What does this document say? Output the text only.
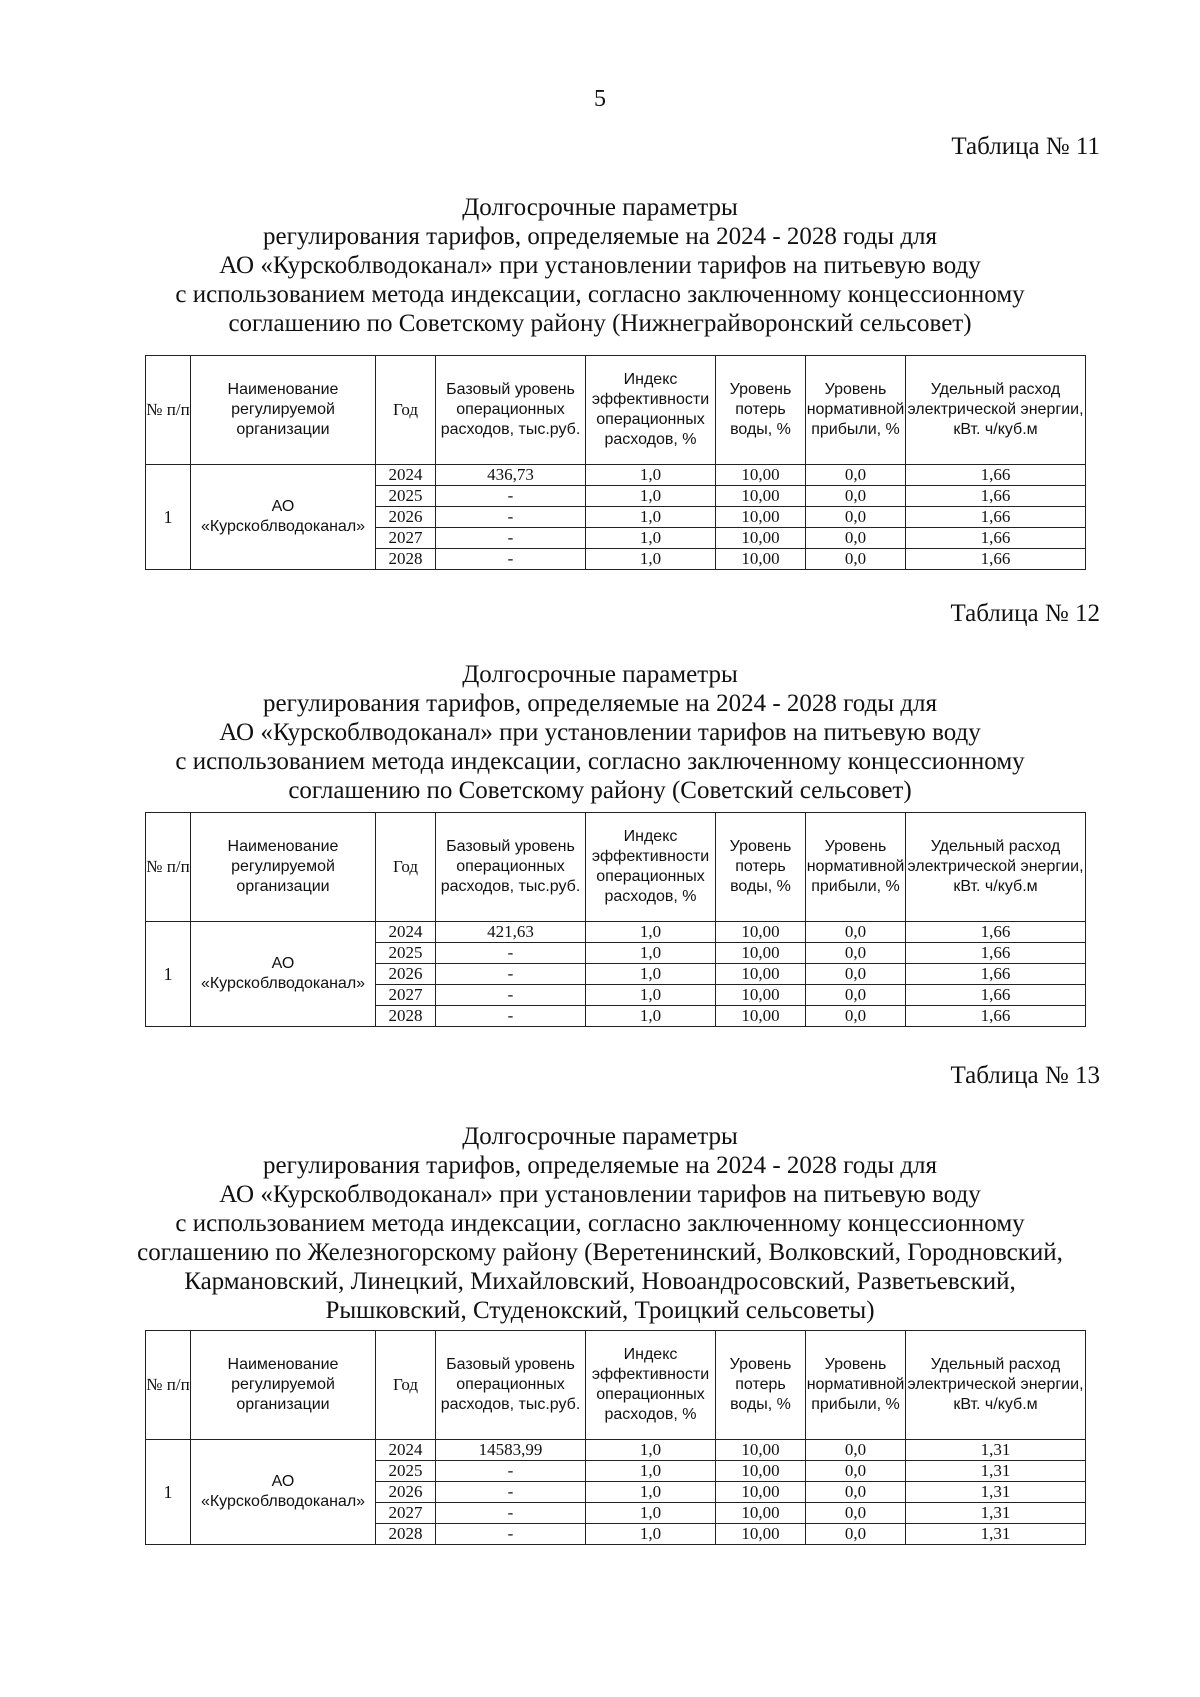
5
Таблица № 11
Долгосрочные параметры
регулирования тарифов, определяемые на 2024 - 2028 годы для
АО «Курскоблводоканал» при установлении тарифов на питьевую воду
с использованием метода индексации, согласно заключенному концессионному
соглашению по Советскому району (Нижнеграйворонский сельсовет)
№ п/п	Наименование регулируемой организации	Год	Базовый уровень операционных расходов, тыс.руб.	Индекс эффективности операционных расходов, %	Уровень потерь воды, %	Уровень нормативной прибыли, %	Удельный расход электрической энергии, кВт. ч/куб.м
1	АО «Курскоблводоканал»	2024	436,73	1,0	10,00	0,0	1,66
		2025	-	1,0	10,00	0,0	1,66
		2026	-	1,0	10,00	0,0	1,66
		2027	-	1,0	10,00	0,0	1,66
		2028	-	1,0	10,00	0,0	1,66
Таблица № 12
Долгосрочные параметры
регулирования тарифов, определяемые на 2024 - 2028 годы для
АО «Курскоблводоканал» при установлении тарифов на питьевую воду
с использованием метода индексации, согласно заключенному концессионному
соглашению по Советскому району (Советский сельсовет)
№ п/п	Наименование регулируемой организации	Год	Базовый уровень операционных расходов, тыс.руб.	Индекс эффективности операционных расходов, %	Уровень потерь воды, %	Уровень нормативной прибыли, %	Удельный расход электрической энергии, кВт. ч/куб.м
1	АО «Курскоблводоканал»	2024	421,63	1,0	10,00	0,0	1,66
		2025	-	1,0	10,00	0,0	1,66
		2026	-	1,0	10,00	0,0	1,66
		2027	-	1,0	10,00	0,0	1,66
		2028	-	1,0	10,00	0,0	1,66
Таблица № 13
Долгосрочные параметры
регулирования тарифов, определяемые на 2024 - 2028 годы для
АО «Курскоблводоканал» при установлении тарифов на питьевую воду
с использованием метода индексации, согласно заключенному концессионному
соглашению по Железногорскому району (Веретенинский, Волковский, Городновский,
Кармановский, Линецкий, Михайловский, Новоандросовский, Разветьевский,
Рышковский, Студенокский, Троицкий сельсоветы)
№ п/п	Наименование регулируемой организации	Год	Базовый уровень операционных расходов, тыс.руб.	Индекс эффективности операционных расходов, %	Уровень потерь воды, %	Уровень нормативной прибыли, %	Удельный расход электрической энергии, кВт. ч/куб.м
1	АО «Курскоблводоканал»	2024	14583,99	1,0	10,00	0,0	1,31
		2025	-	1,0	10,00	0,0	1,31
		2026	-	1,0	10,00	0,0	1,31
		2027	-	1,0	10,00	0,0	1,31
		2028	-	1,0	10,00	0,0	1,31
